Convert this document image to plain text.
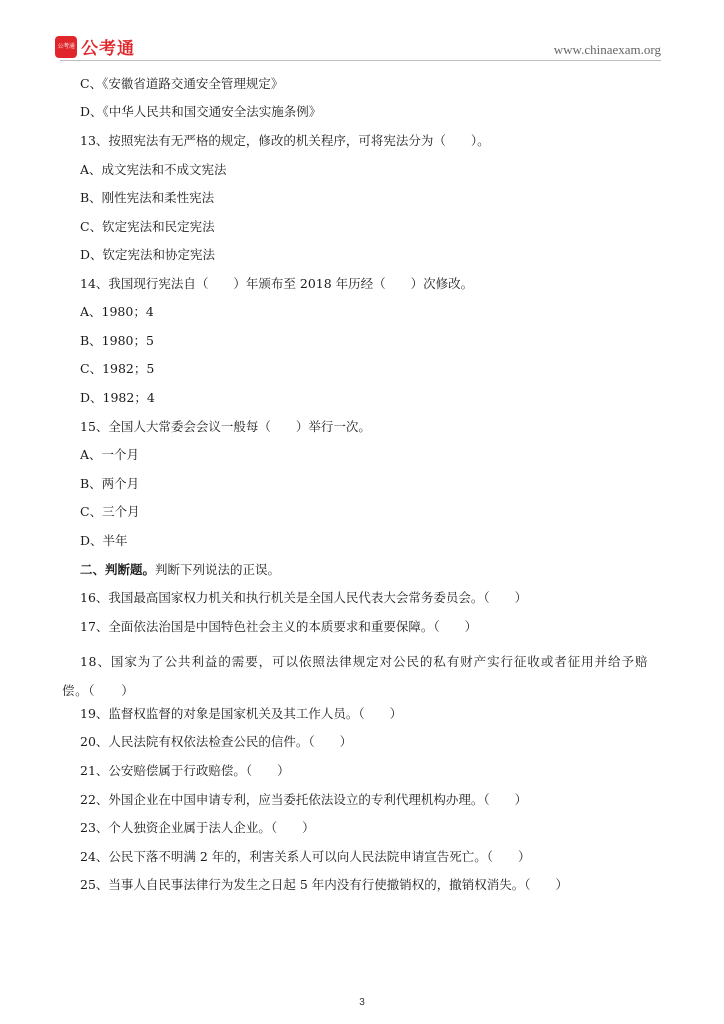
公考通 公考通	www.chinaexam.org
C、《安徽省道路交通安全管理规定》
D、《中华人民共和国交通安全法实施条例》
13、按照宪法有无严格的规定，修改的机关程序，可将宪法分为（　　）。
A、成文宪法和不成文宪法
B、刚性宪法和柔性宪法
C、钦定宪法和民定宪法
D、钦定宪法和协定宪法
14、我国现行宪法自（　　）年颁布至 2018 年历经（　　）次修改。
A、1980；4
B、1980；5
C、1982；5
D、1982；4
15、全国人大常委会会议一般每（　　）举行一次。
A、一个月
B、两个月
C、三个月
D、半年
二、判断题。判断下列说法的正误。
16、我国最高国家权力机关和执行机关是全国人民代表大会常务委员会。（　　）
17、全面依法治国是中国特色社会主义的本质要求和重要保障。（　　）
18、国家为了公共利益的需要，可以依照法律规定对公民的私有财产实行征收或者征用并给予赔偿。（　　）
19、监督权监督的对象是国家机关及其工作人员。（　　）
20、人民法院有权依法检查公民的信件。（　　）
21、公安赔偿属于行政赔偿。（　　）
22、外国企业在中国申请专利，应当委托依法设立的专利代理机构办理。（　　）
23、个人独资企业属于法人企业。（　　）
24、公民下落不明满 2 年的，利害关系人可以向人民法院申请宣告死亡。（　　）
25、当事人自民事法律行为发生之日起 5 年内没有行使撤销权的，撤销权消失。（　　）
3
